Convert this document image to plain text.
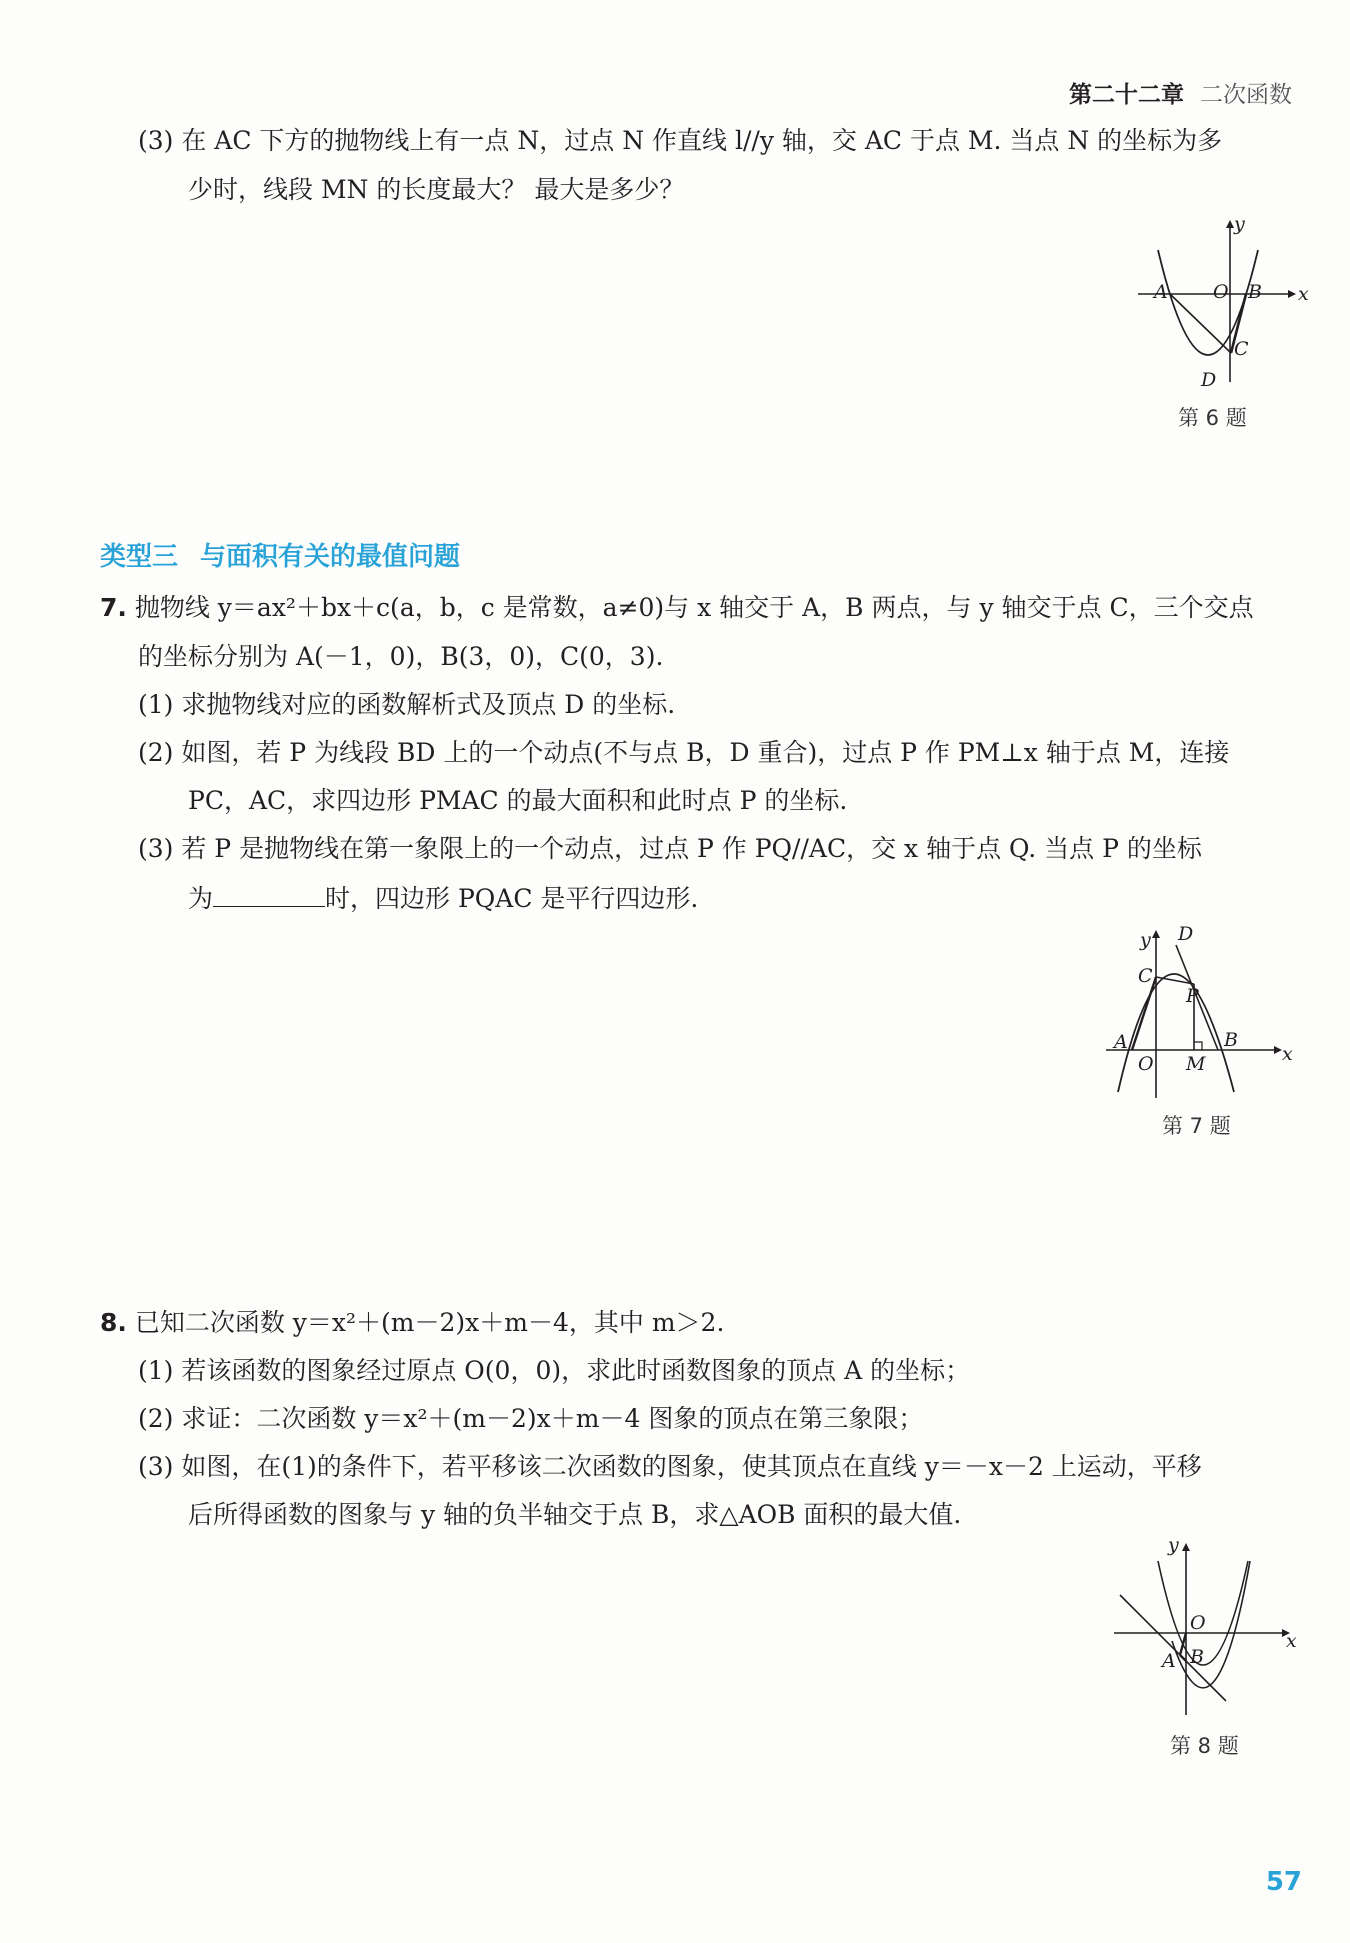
第二十二章 二次函数
(3) 在 AC 下方的抛物线上有一点 N，过点 N 作直线 l//y 轴，交 AC 于点 M. 当点 N 的坐标为多
少时，线段 MN 的长度最大？ 最大是多少？
y
x
A O B
C
D
第 6 题
类型三 与面积有关的最值问题
7. 抛物线 y＝ax²＋bx＋c(a，b，c 是常数，a≠0)与 x 轴交于 A，B 两点，与 y 轴交于点 C，三个交点
的坐标分别为 A(－1，0)，B(3，0)，C(0，3).
(1) 求抛物线对应的函数解析式及顶点 D 的坐标.
(2) 如图，若 P 为线段 BD 上的一个动点(不与点 B，D 重合)，过点 P 作 PM⊥x 轴于点 M，连接
PC，AC，求四边形 PMAC 的最大面积和此时点 P 的坐标.
(3) 若 P 是抛物线在第一象限上的一个动点，过点 P 作 PQ//AC，交 x 轴于点 Q. 当点 P 的坐标
为	时，四边形 PQAC 是平行四边形.
y D
C
P
A	B
O M	x
第 7 题
8. 已知二次函数 y＝x²＋(m－2)x＋m－4，其中 m＞2.
(1) 若该函数的图象经过原点 O(0，0)，求此时函数图象的顶点 A 的坐标；
(2) 求证：二次函数 y＝x²＋(m－2)x＋m－4 图象的顶点在第三象限；
(3) 如图，在(1)的条件下，若平移该二次函数的图象，使其顶点在直线 y＝－x－2 上运动，平移
后所得函数的图象与 y 轴的负半轴交于点 B，求△AOB 面积的最大值.
y
O
A B
x
第 8 题
57
